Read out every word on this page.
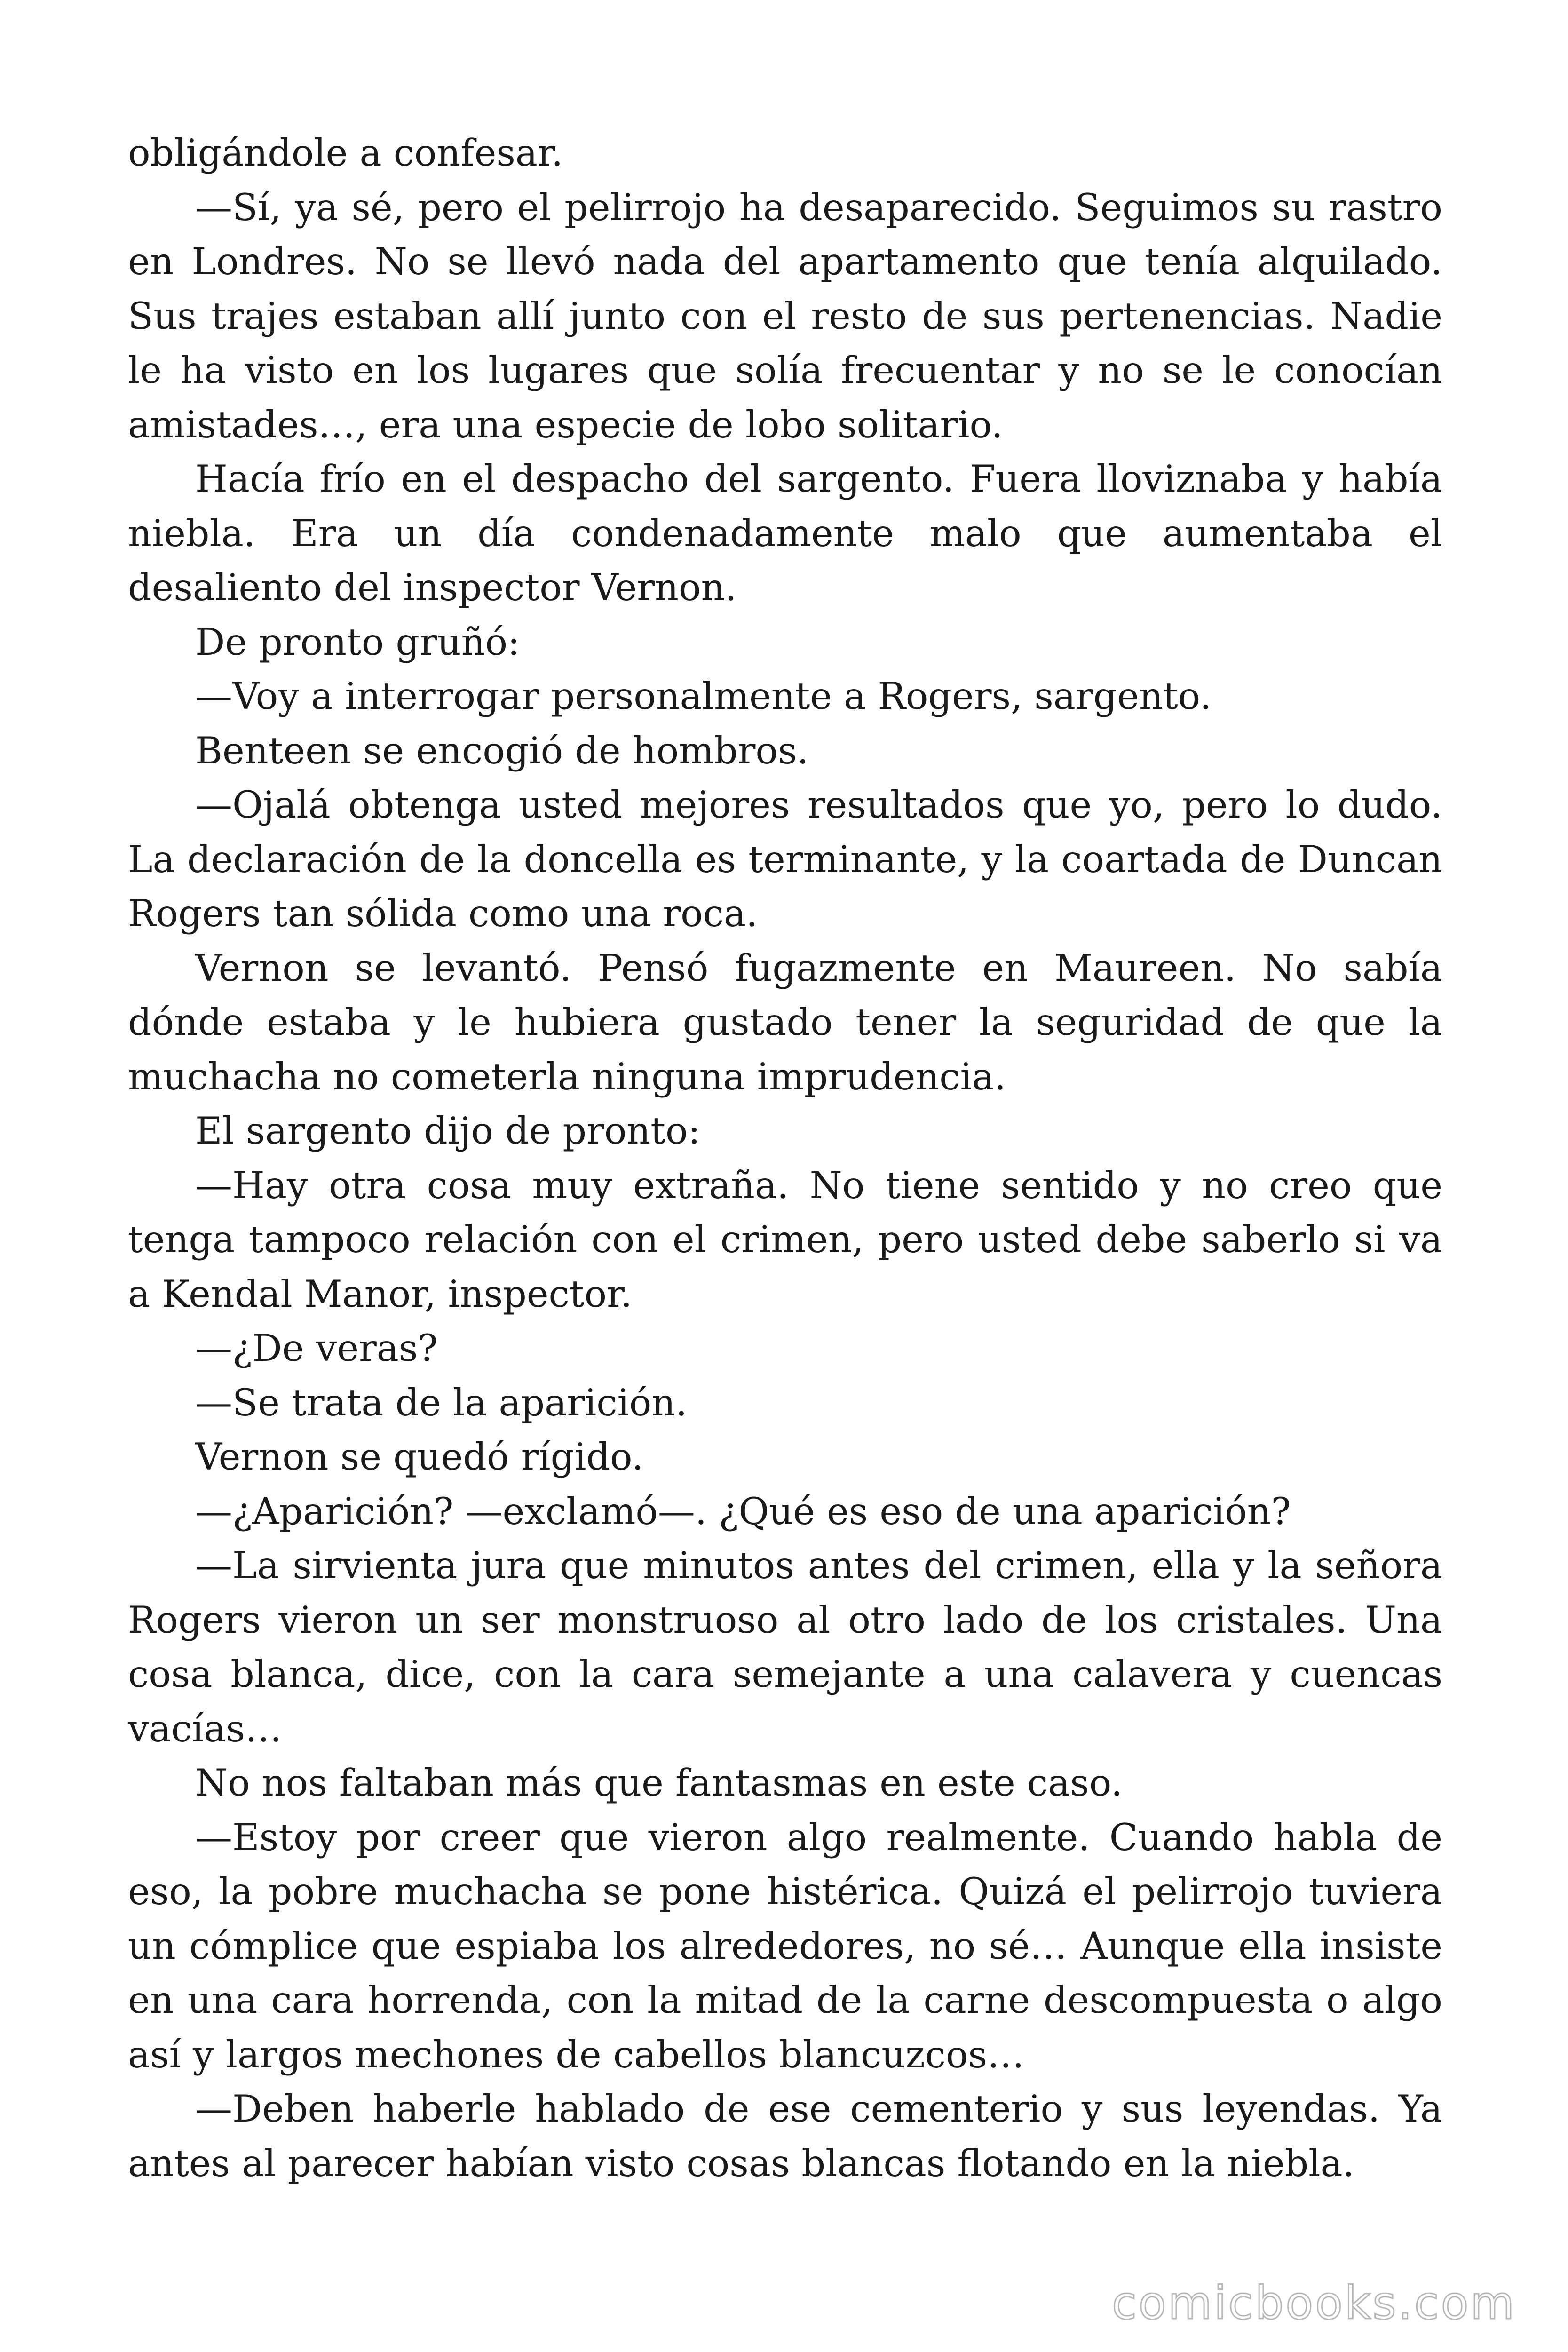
obligándole a confesar.

—Sí, ya sé, pero el pelirrojo ha desaparecido. Seguimos su rastro en Londres. No se llevó nada del apartamento que tenía alquilado. Sus trajes estaban allí junto con el resto de sus pertenencias. Nadie le ha visto en los lugares que solía frecuentar y no se le conocían amistades…, era una especie de lobo solitario.

Hacía frío en el despacho del sargento. Fuera lloviznaba y había niebla. Era un día condenadamente malo que aumentaba el desaliento del inspector Vernon.

De pronto gruñó:

—Voy a interrogar personalmente a Rogers, sargento.

Benteen se encogió de hombros.

—Ojalá obtenga usted mejores resultados que yo, pero lo dudo. La declaración de la doncella es terminante, y la coartada de Duncan Rogers tan sólida como una roca.

Vernon se levantó. Pensó fugazmente en Maureen. No sabía dónde estaba y le hubiera gustado tener la seguridad de que la muchacha no cometerla ninguna imprudencia.

El sargento dijo de pronto:

—Hay otra cosa muy extraña. No tiene sentido y no creo que tenga tampoco relación con el crimen, pero usted debe saberlo si va a Kendal Manor, inspector.

—¿De veras?

—Se trata de la aparición.

Vernon se quedó rígido.

—¿Aparición? —exclamó—. ¿Qué es eso de una aparición?

—La sirvienta jura que minutos antes del crimen, ella y la señora Rogers vieron un ser monstruoso al otro lado de los cristales. Una cosa blanca, dice, con la cara semejante a una calavera y cuencas vacías…

No nos faltaban más que fantasmas en este caso.

—Estoy por creer que vieron algo realmente. Cuando habla de eso, la pobre muchacha se pone histérica. Quizá el pelirrojo tuviera un cómplice que espiaba los alrededores, no sé… Aunque ella insiste en una cara horrenda, con la mitad de la carne descompuesta o algo así y largos mechones de cabellos blancuzcos…

—Deben haberle hablado de ese cementerio y sus leyendas. Ya antes al parecer habían visto cosas blancas flotando en la niebla.

comicbooks.com
